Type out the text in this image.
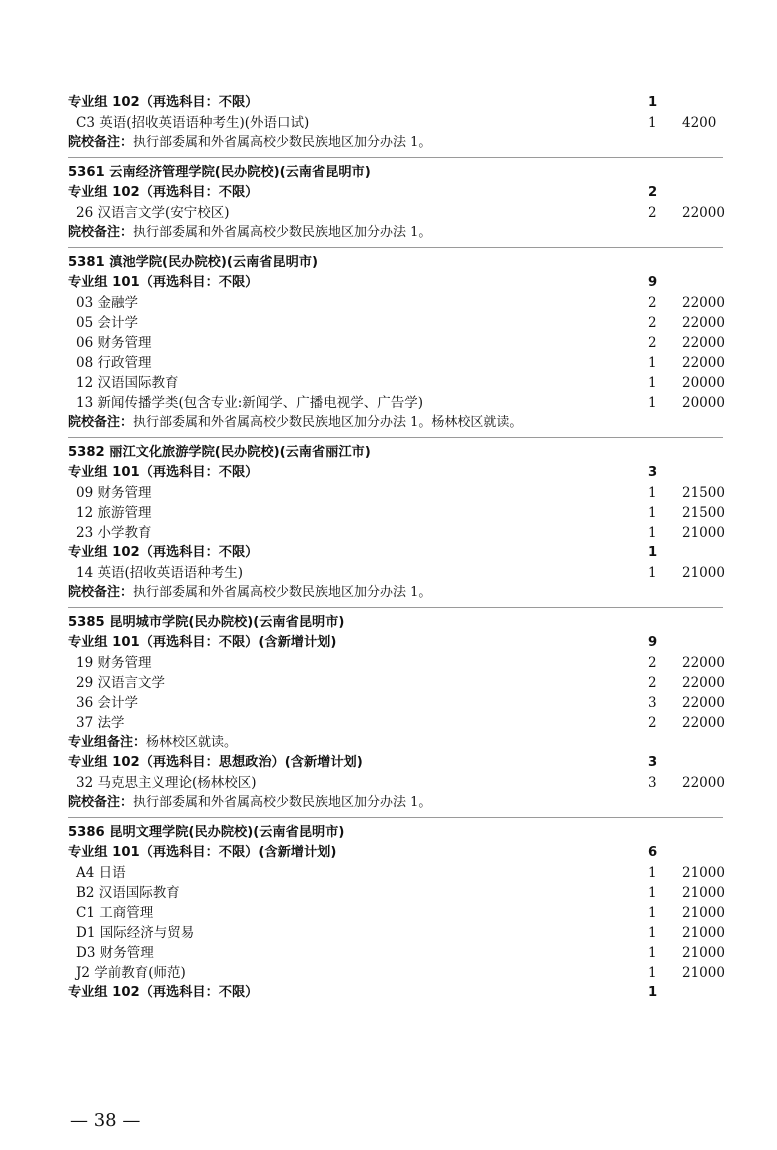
专业组 102（再选科目：不限）	1
C3 英语(招收英语语种考生)(外语口试)	1	4200
院校备注：执行部委属和外省属高校少数民族地区加分办法 1。
5361 云南经济管理学院(民办院校)(云南省昆明市)
专业组 102（再选科目：不限）	2
26 汉语言文学(安宁校区)	2	22000
院校备注：执行部委属和外省属高校少数民族地区加分办法 1。
5381 滇池学院(民办院校)(云南省昆明市)
专业组 101（再选科目：不限）	9
03 金融学	2	22000
05 会计学	2	22000
06 财务管理	2	22000
08 行政管理	1	22000
12 汉语国际教育	1	20000
13 新闻传播学类(包含专业:新闻学、广播电视学、广告学)	1	20000
院校备注：执行部委属和外省属高校少数民族地区加分办法 1。杨林校区就读。
5382 丽江文化旅游学院(民办院校)(云南省丽江市)
专业组 101（再选科目：不限）	3
09 财务管理	1	21500
12 旅游管理	1	21500
23 小学教育	1	21000
专业组 102（再选科目：不限）	1
14 英语(招收英语语种考生)	1	21000
院校备注：执行部委属和外省属高校少数民族地区加分办法 1。
5385 昆明城市学院(民办院校)(云南省昆明市)
专业组 101（再选科目：不限）(含新增计划)	9
19 财务管理	2	22000
29 汉语言文学	2	22000
36 会计学	3	22000
37 法学	2	22000
专业组备注：杨林校区就读。
专业组 102（再选科目：思想政治）(含新增计划)	3
32 马克思主义理论(杨林校区)	3	22000
院校备注：执行部委属和外省属高校少数民族地区加分办法 1。
5386 昆明文理学院(民办院校)(云南省昆明市)
专业组 101（再选科目：不限）(含新增计划)	6
A4 日语	1	21000
B2 汉语国际教育	1	21000
C1 工商管理	1	21000
D1 国际经济与贸易	1	21000
D3 财务管理	1	21000
J2 学前教育(师范)	1	21000
专业组 102（再选科目：不限）	1
— 38 —
